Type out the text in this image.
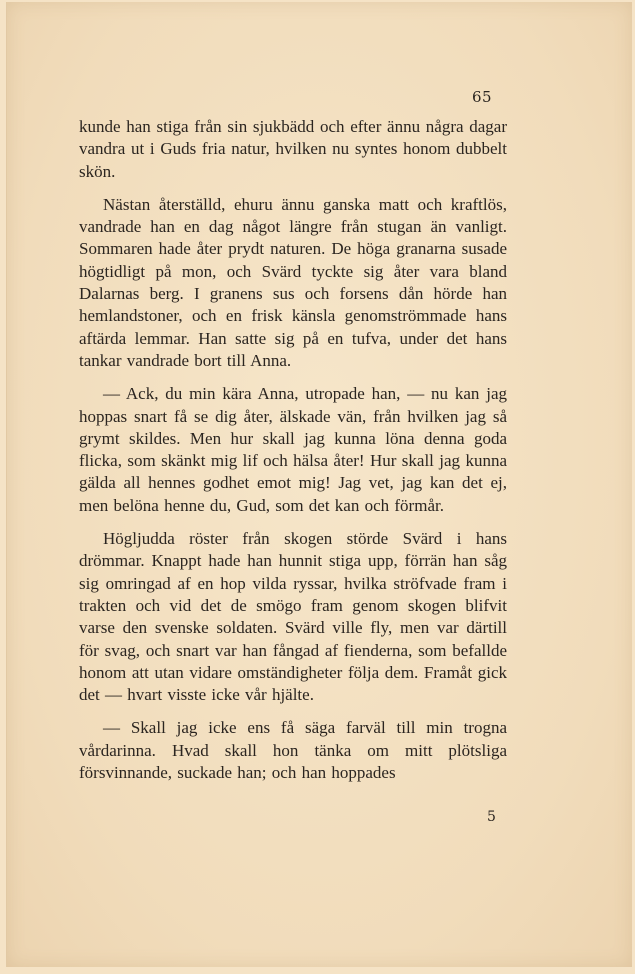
65

kunde han stiga från sin sjukbädd och efter ännu några dagar vandra ut i Guds fria natur, hvilken nu syntes honom dubbelt skön.

Nästan återställd, ehuru ännu ganska matt och kraftlös, vandrade han en dag något längre från stugan än vanligt. Sommaren hade åter prydt naturen. De höga granarna susade högtidligt på mon, och Svärd tyckte sig åter vara bland Dalarnas berg. I granens sus och forsens dån hörde han hemlandstoner, och en frisk känsla genomströmmade hans aftärda lemmar. Han satte sig på en tufva, under det hans tankar vandrade bort till Anna.

— Ack, du min kära Anna, utropade han, — nu kan jag hoppas snart få se dig åter, älskade vän, från hvilken jag så grymt skildes. Men hur skall jag kunna löna denna goda flicka, som skänkt mig lif och hälsa åter! Hur skall jag kunna gälda all hennes godhet emot mig! Jag vet, jag kan det ej, men belöna henne du, Gud, som det kan och förmår.

Högljudda röster från skogen störde Svärd i hans drömmar. Knappt hade han hunnit stiga upp, förrän han såg sig omringad af en hop vilda ryssar, hvilka ströfvade fram i trakten och vid det de smögo fram genom skogen blifvit varse den svenske soldaten. Svärd ville fly, men var därtill för svag, och snart var han fångad af fienderna, som befallde honom att utan vidare omständigheter följa dem. Framåt gick det — hvart visste icke vår hjälte.

— Skall jag icke ens få säga farväl till min trogna vårdarinna. Hvad skall hon tänka om mitt plötsliga försvinnande, suckade han; och han hoppades

5
